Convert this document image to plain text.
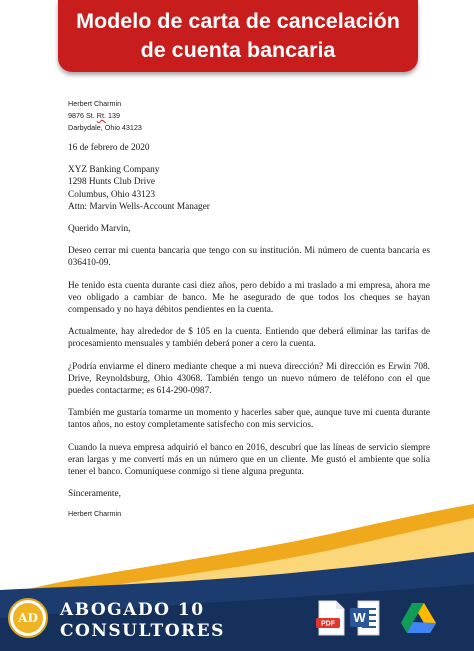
Modelo de carta de cancelación
de cuenta bancaria

Herbert Charmin

9876 St. Rt. 139

Darbydale, Ohio 43123

16 de febrero de 2020

XYZ Banking Company

1298 Hunts Club Drive

Columbus, Ohio 43123

Attn: Marvin Wells-Account Manager

Querido Marvin,

Deseo cerrar mi cuenta bancaria que tengo con su institución. Mi número de cuenta bancaria es 036410-09.

He tenido esta cuenta durante casi diez años, pero debido a mi traslado a mi empresa, ahora me veo obligado a cambiar de banco. Me he asegurado de que todos los cheques se hayan compensado y no haya débitos pendientes en la cuenta.

Actualmente, hay alrededor de $ 105 en la cuenta. Entiendo que deberá eliminar las tarifas de procesamiento mensuales y también deberá poner a cero la cuenta.

¿Podría enviarme el dinero mediante cheque a mi nueva dirección? Mi dirección es Erwin 708. Drive, Reynoldsburg, Ohio 43068. También tengo un nuevo número de teléfono con el que puedes contactarme; es 614-290-0987.

También me gustaría tomarme un momento y hacerles saber que, aunque tuve mi cuenta durante tantos años, no estoy completamente satisfecho con mis servicios.

Cuando la nueva empresa adquirió el banco en 2016, descubrí que las líneas de servicio siempre eran largas y me convertí más en un número que en un cliente. Me gustó el ambiente que solía tener el banco. Comuníquese conmigo si tiene alguna pregunta.

Sinceramente,

Herbert Charmin

AD	ABOGADO 10
CONSULTORES	PDF W
